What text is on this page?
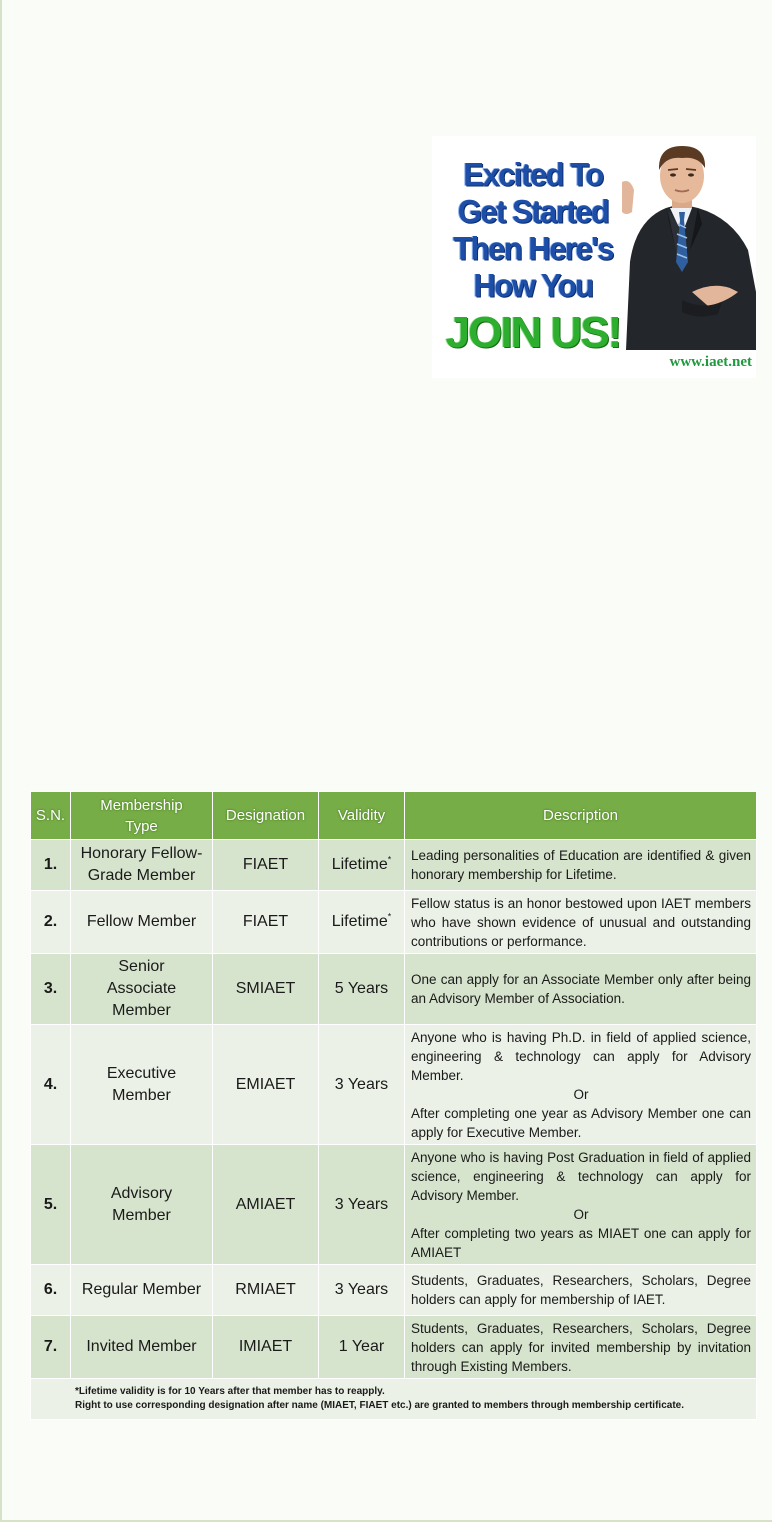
Excited To
Get Started
Then Here's
How You
JOIN US!
www.iaet.net
S.N.	Membership Type	Designation	Validity	Description
1.	Honorary Fellow-Grade Member	FIAET	Lifetime*	Leading personalities of Education are identified & given honorary membership for Lifetime.
2.	Fellow Member	FIAET	Lifetime*	Fellow status is an honor bestowed upon IAET members who have shown evidence of unusual and outstanding contributions or performance.
3.	Senior Associate Member	SMIAET	5 Years	One can apply for an Associate Member only after being an Advisory Member of Association.
4.	Executive Member	EMIAET	3 Years	Anyone who is having Ph.D. in field of applied science, engineering & technology can apply for Advisory Member.
Or
After completing one year as Advisory Member one can apply for Executive Member.
5.	Advisory Member	AMIAET	3 Years	Anyone who is having Post Graduation in field of applied science, engineering & technology can apply for Advisory Member.
Or
After completing two years as MIAET one can apply for AMIAET
6.	Regular Member	RMIAET	3 Years	Students, Graduates, Researchers, Scholars, Degree holders can apply for membership of IAET.
7.	Invited Member	IMIAET	1 Year	Students, Graduates, Researchers, Scholars, Degree holders can apply for invited membership by invitation through Existing Members.

*Lifetime validity is for 10 Years after that member has to reapply.
Right to use corresponding designation after name (MIAET, FIAET etc.) are granted to members through membership certificate.				
